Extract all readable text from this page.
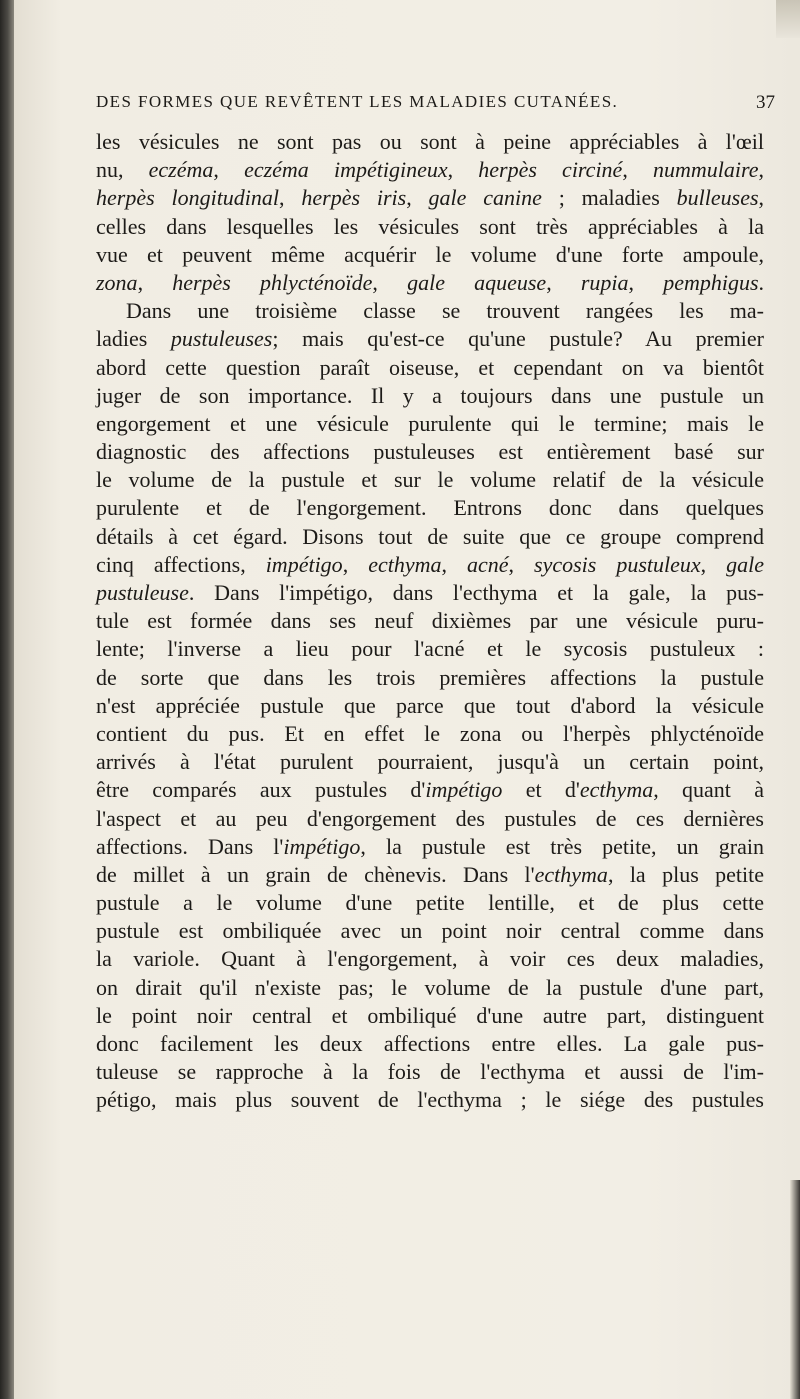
DES FORMES QUE REVÊTENT LES MALADIES CUTANÉES.	37
les vésicules ne sont pas ou sont à peine appréciables à l'œil
nu, eczéma, eczéma impétigineux, herpès circiné, nummulaire,
herpès longitudinal, herpès iris, gale canine ; maladies bulleuses,
celles dans lesquelles les vésicules sont très appréciables à la
vue et peuvent même acquérir le volume d'une forte ampoule,
zona, herpès phlycténoïde, gale aqueuse, rupia, pemphigus.
Dans une troisième classe se trouvent rangées les ma-
ladies pustuleuses; mais qu'est-ce qu'une pustule? Au premier
abord cette question paraît oiseuse, et cependant on va bientôt
juger de son importance. Il y a toujours dans une pustule un
engorgement et une vésicule purulente qui le termine; mais le
diagnostic des affections pustuleuses est entièrement basé sur
le volume de la pustule et sur le volume relatif de la vésicule
purulente et de l'engorgement. Entrons donc dans quelques
détails à cet égard. Disons tout de suite que ce groupe comprend
cinq affections, impétigo, ecthyma, acné, sycosis pustuleux, gale
pustuleuse. Dans l'impétigo, dans l'ecthyma et la gale, la pus-
tule est formée dans ses neuf dixièmes par une vésicule puru-
lente; l'inverse a lieu pour l'acné et le sycosis pustuleux :
de sorte que dans les trois premières affections la pustule
n'est appréciée pustule que parce que tout d'abord la vésicule
contient du pus. Et en effet le zona ou l'herpès phlycténoïde
arrivés à l'état purulent pourraient, jusqu'à un certain point,
être comparés aux pustules d'impétigo et d'ecthyma, quant à
l'aspect et au peu d'engorgement des pustules de ces dernières
affections. Dans l'impétigo, la pustule est très petite, un grain
de millet à un grain de chènevis. Dans l'ecthyma, la plus petite
pustule a le volume d'une petite lentille, et de plus cette
pustule est ombiliquée avec un point noir central comme dans
la variole. Quant à l'engorgement, à voir ces deux maladies,
on dirait qu'il n'existe pas; le volume de la pustule d'une part,
le point noir central et ombiliqué d'une autre part, distinguent
donc facilement les deux affections entre elles. La gale pus-
tuleuse se rapproche à la fois de l'ecthyma et aussi de l'im-
pétigo, mais plus souvent de l'ecthyma ; le siége des pustules
